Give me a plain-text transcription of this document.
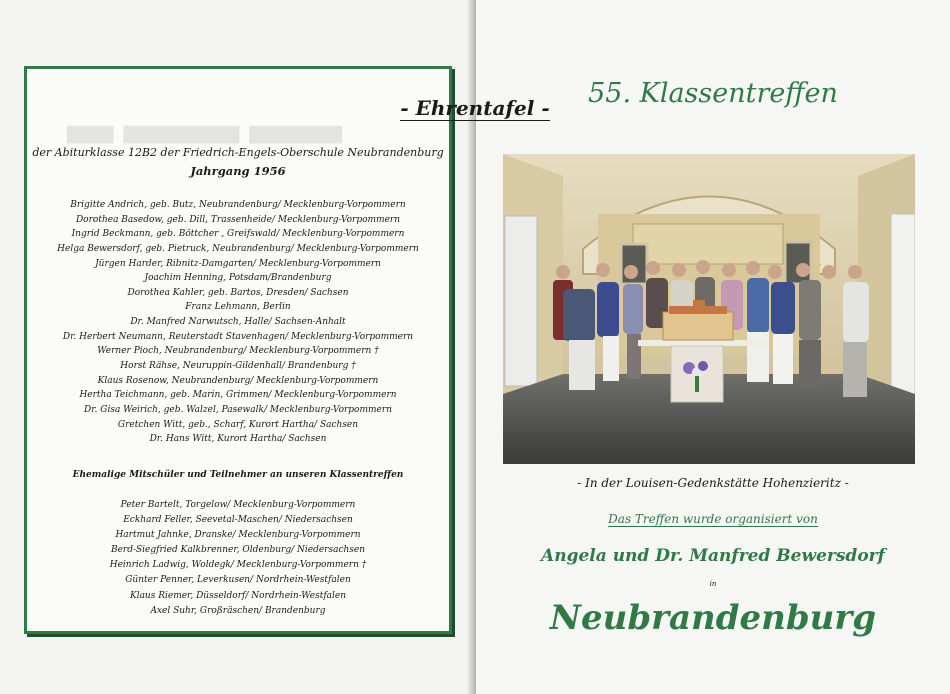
▄▄ ▄▄▄▄▄ ▄▄▄▄
- Ehrentafel -
der Abiturklasse 12B2 der Friedrich-Engels-Oberschule Neubrandenburg
Jahrgang 1956
Brigitte Andrich, geb. Butz, Neubrandenburg/ Mecklenburg-Vorpommern
Dorothea Basedow, geb. Dill, Trassenheide/ Mecklenburg-Vorpommern
Ingrid Beckmann, geb. Böttcher , Greifswald/ Mecklenburg-Vorpommern
Helga Bewersdorf, geb. Pietruck, Neubrandenburg/ Mecklenburg-Vorpommern
Jürgen Harder, Ribnitz-Damgarten/ Mecklenburg-Vorpommern
Joachim Henning, Potsdam/Brandenburg
Dorothea Kahler, geb. Bartos, Dresden/ Sachsen
Franz Lehmann, Berlin
Dr. Manfred Narwutsch, Halle/ Sachsen-Anhalt
Dr. Herbert Neumann, Reuterstadt Stavenhagen/ Mecklenburg-Vorpommern
Werner Pioch, Neubrandenburg/ Mecklenburg-Vorpommern †
Horst Rähse, Neuruppin-Gildenhall/ Brandenburg †
Klaus Rosenow, Neubrandenburg/ Mecklenburg-Vorpommern
Hertha Teichmann, geb. Marin, Grimmen/ Mecklenburg-Vorpommern
Dr. Gisa Weirich, geb. Walzel, Pasewalk/ Mecklenburg-Vorpommern
Gretchen Witt, geb., Scharf, Kurort Hartha/ Sachsen
Dr. Hans Witt, Kurort Hartha/ Sachsen
Ehemalige Mitschüler und Teilnehmer an unseren Klassentreffen
Peter Bartelt, Torgelow/ Mecklenburg-Vorpommern
Eckhard Feller, Seevetal-Maschen/ Niedersachsen
Hartmut Jahnke, Dranske/ Mecklenburg-Vorpommern
Berd-Siegfried Kalkbrenner, Oldenburg/ Niedersachsen
Heinrich Ladwig, Woldegk/ Mecklenburg-Vorpommern †
Günter Penner, Leverkusen/ Nordrhein-Westfalen
Klaus Riemer, Düsseldorf/ Nordrhein-Westfalen
Axel Suhr, Großräschen/ Brandenburg
55. Klassentreffen
- In der Louisen-Gedenkstätte Hohenzieritz -
Das Treffen wurde organisiert von
Angela und Dr. Manfred Bewersdorf
in
Neubrandenburg
